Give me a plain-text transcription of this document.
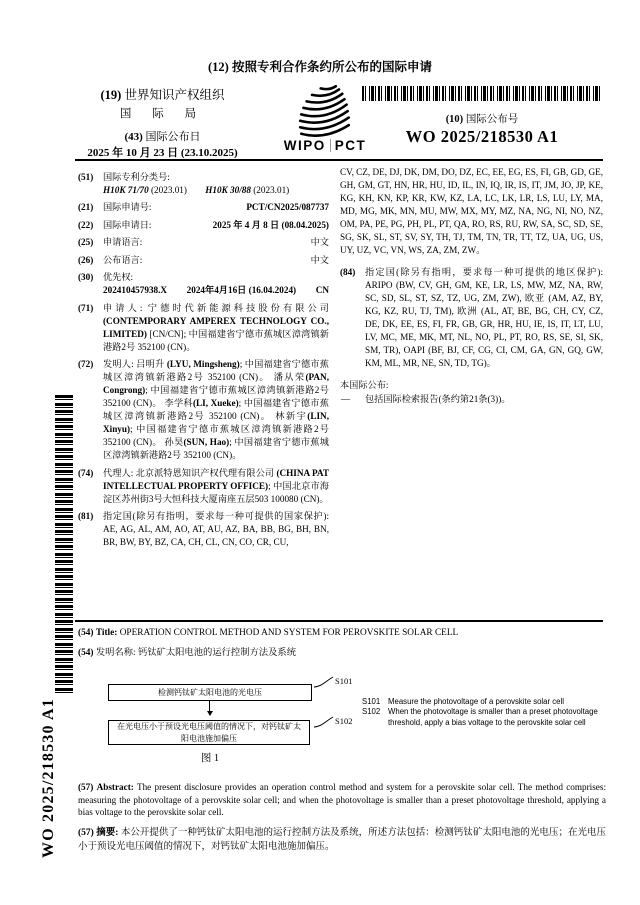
(12) 按照专利合作条约所公布的国际申请
(19) 世界知识产权组织
国 际 局
(43) 国际公布日
2025 年 10 月 23 日 (23.10.2025)	WIPO PCT
(10) 国际公布号
WO 2025/218530 A1
(51) 国际专利分类号:
H10K 71/70 (2023.01) H10K 30/88 (2023.01)
(21)	国际申请号:	PCT/CN2025/087737
(22)	国际申请日:	2025 年 4 月 8 日 (08.04.2025)
(25)	申请语言:	中文
(26)	公布语言:	中文
(30) 优先权:
202410457938.X 2024年4月16日 (16.04.2024) CN
(71) 申请人: 宁德时代新能源科技股份有限公司 (CONTEMPORARY AMPEREX TECHNOLOGY CO., LIMITED) [CN/CN]; 中国福建省宁德市蕉城区漳湾镇新港路2号 352100 (CN)。
(72) 发明人: 吕明升 (LYU, Mingsheng); 中国福建省宁德市蕉城区漳湾镇新港路2号 352100 (CN)。 潘从荣(PAN, Congrong); 中国福建省宁德市蕉城区漳湾镇新港路2号 352100 (CN)。 李学科(LI, Xueke); 中国福建省宁德市蕉城区漳湾镇新港路2号 352100 (CN)。 林新宇(LIN, Xinyu); 中国福建省宁德市蕉城区漳湾镇新港路2号 352100 (CN)。 孙昊(SUN, Hao); 中国福建省宁德市蕉城区漳湾镇新港路2号 352100 (CN)。
(74) 代理人: 北京派特恩知识产权代理有限公司 (CHINA PAT INTELLECTUAL PROPERTY OFFICE); 中国北京市海淀区苏州街3号大恒科技大厦南座五层503 100080 (CN)。
(81) 指定国(除另有指明，要求每一种可提供的国家保护): AE, AG, AL, AM, AO, AT, AU, AZ, BA, BB, BG, BH, BN, BR, BW, BY, BZ, CA, CH, CL, CN, CO, CR, CU,
CV, CZ, DE, DJ, DK, DM, DO, DZ, EC, EE, EG, ES, FI, GB, GD, GE, GH, GM, GT, HN, HR, HU, ID, IL, IN, IQ, IR, IS, IT, JM, JO, JP, KE, KG, KH, KN, KP, KR, KW, KZ, LA, LC, LK, LR, LS, LU, LY, MA, MD, MG, MK, MN, MU, MW, MX, MY, MZ, NA, NG, NI, NO, NZ, OM, PA, PE, PG, PH, PL, PT, QA, RO, RS, RU, RW, SA, SC, SD, SE, SG, SK, SL, ST, SV, SY, TH, TJ, TM, TN, TR, TT, TZ, UA, UG, US, UY, UZ, VC, VN, WS, ZA, ZM, ZW。
(84) 指定国(除另有指明，要求每一种可提供的地区保护): ARIPO (BW, CV, GH, GM, KE, LR, LS, MW, MZ, NA, RW, SC, SD, SL, ST, SZ, TZ, UG, ZM, ZW), 欧亚 (AM, AZ, BY, KG, KZ, RU, TJ, TM), 欧洲 (AL, AT, BE, BG, CH, CY, CZ, DE, DK, EE, ES, FI, FR, GB, GR, HR, HU, IE, IS, IT, LT, LU, LV, MC, ME, MK, MT, NL, NO, PL, PT, RO, RS, SE, SI, SK, SM, TR), OAPI (BF, BJ, CF, CG, CI, CM, GA, GN, GQ, GW, KM, ML, MR, NE, SN, TD, TG)。
本国际公布:
— 包括国际检索报告(条约第21条(3))。
(54) Title: OPERATION CONTROL METHOD AND SYSTEM FOR PEROVSKITE SOLAR CELL
(54) 发明名称: 钙钛矿太阳电池的运行控制方法及系统
检测钙钛矿太阳电池的光电压
在光电压小于预设光电压阈值的情况下，对钙钛矿太阳电池施加偏压
图 1
S101
S102
S101 Measure the photovoltage of a perovskite solar cell
S102 When the photovoltage is smaller than a preset photovoltage threshold, apply a bias voltage to the perovskite solar cell
(57) Abstract: The present disclosure provides an operation control method and system for a perovskite solar cell. The method comprises: measuring the photovoltage of a perovskite solar cell; and when the photovoltage is smaller than a preset photovoltage threshold, applying a bias voltage to the perovskite solar cell.
(57) 摘要: 本公开提供了一种钙钛矿太阳电池的运行控制方法及系统，所述方法包括：检测钙钛矿太阳电池的光电压；在光电压小于预设光电压阈值的情况下，对钙钛矿太阳电池施加偏压。
WO 2025/218530 A1
